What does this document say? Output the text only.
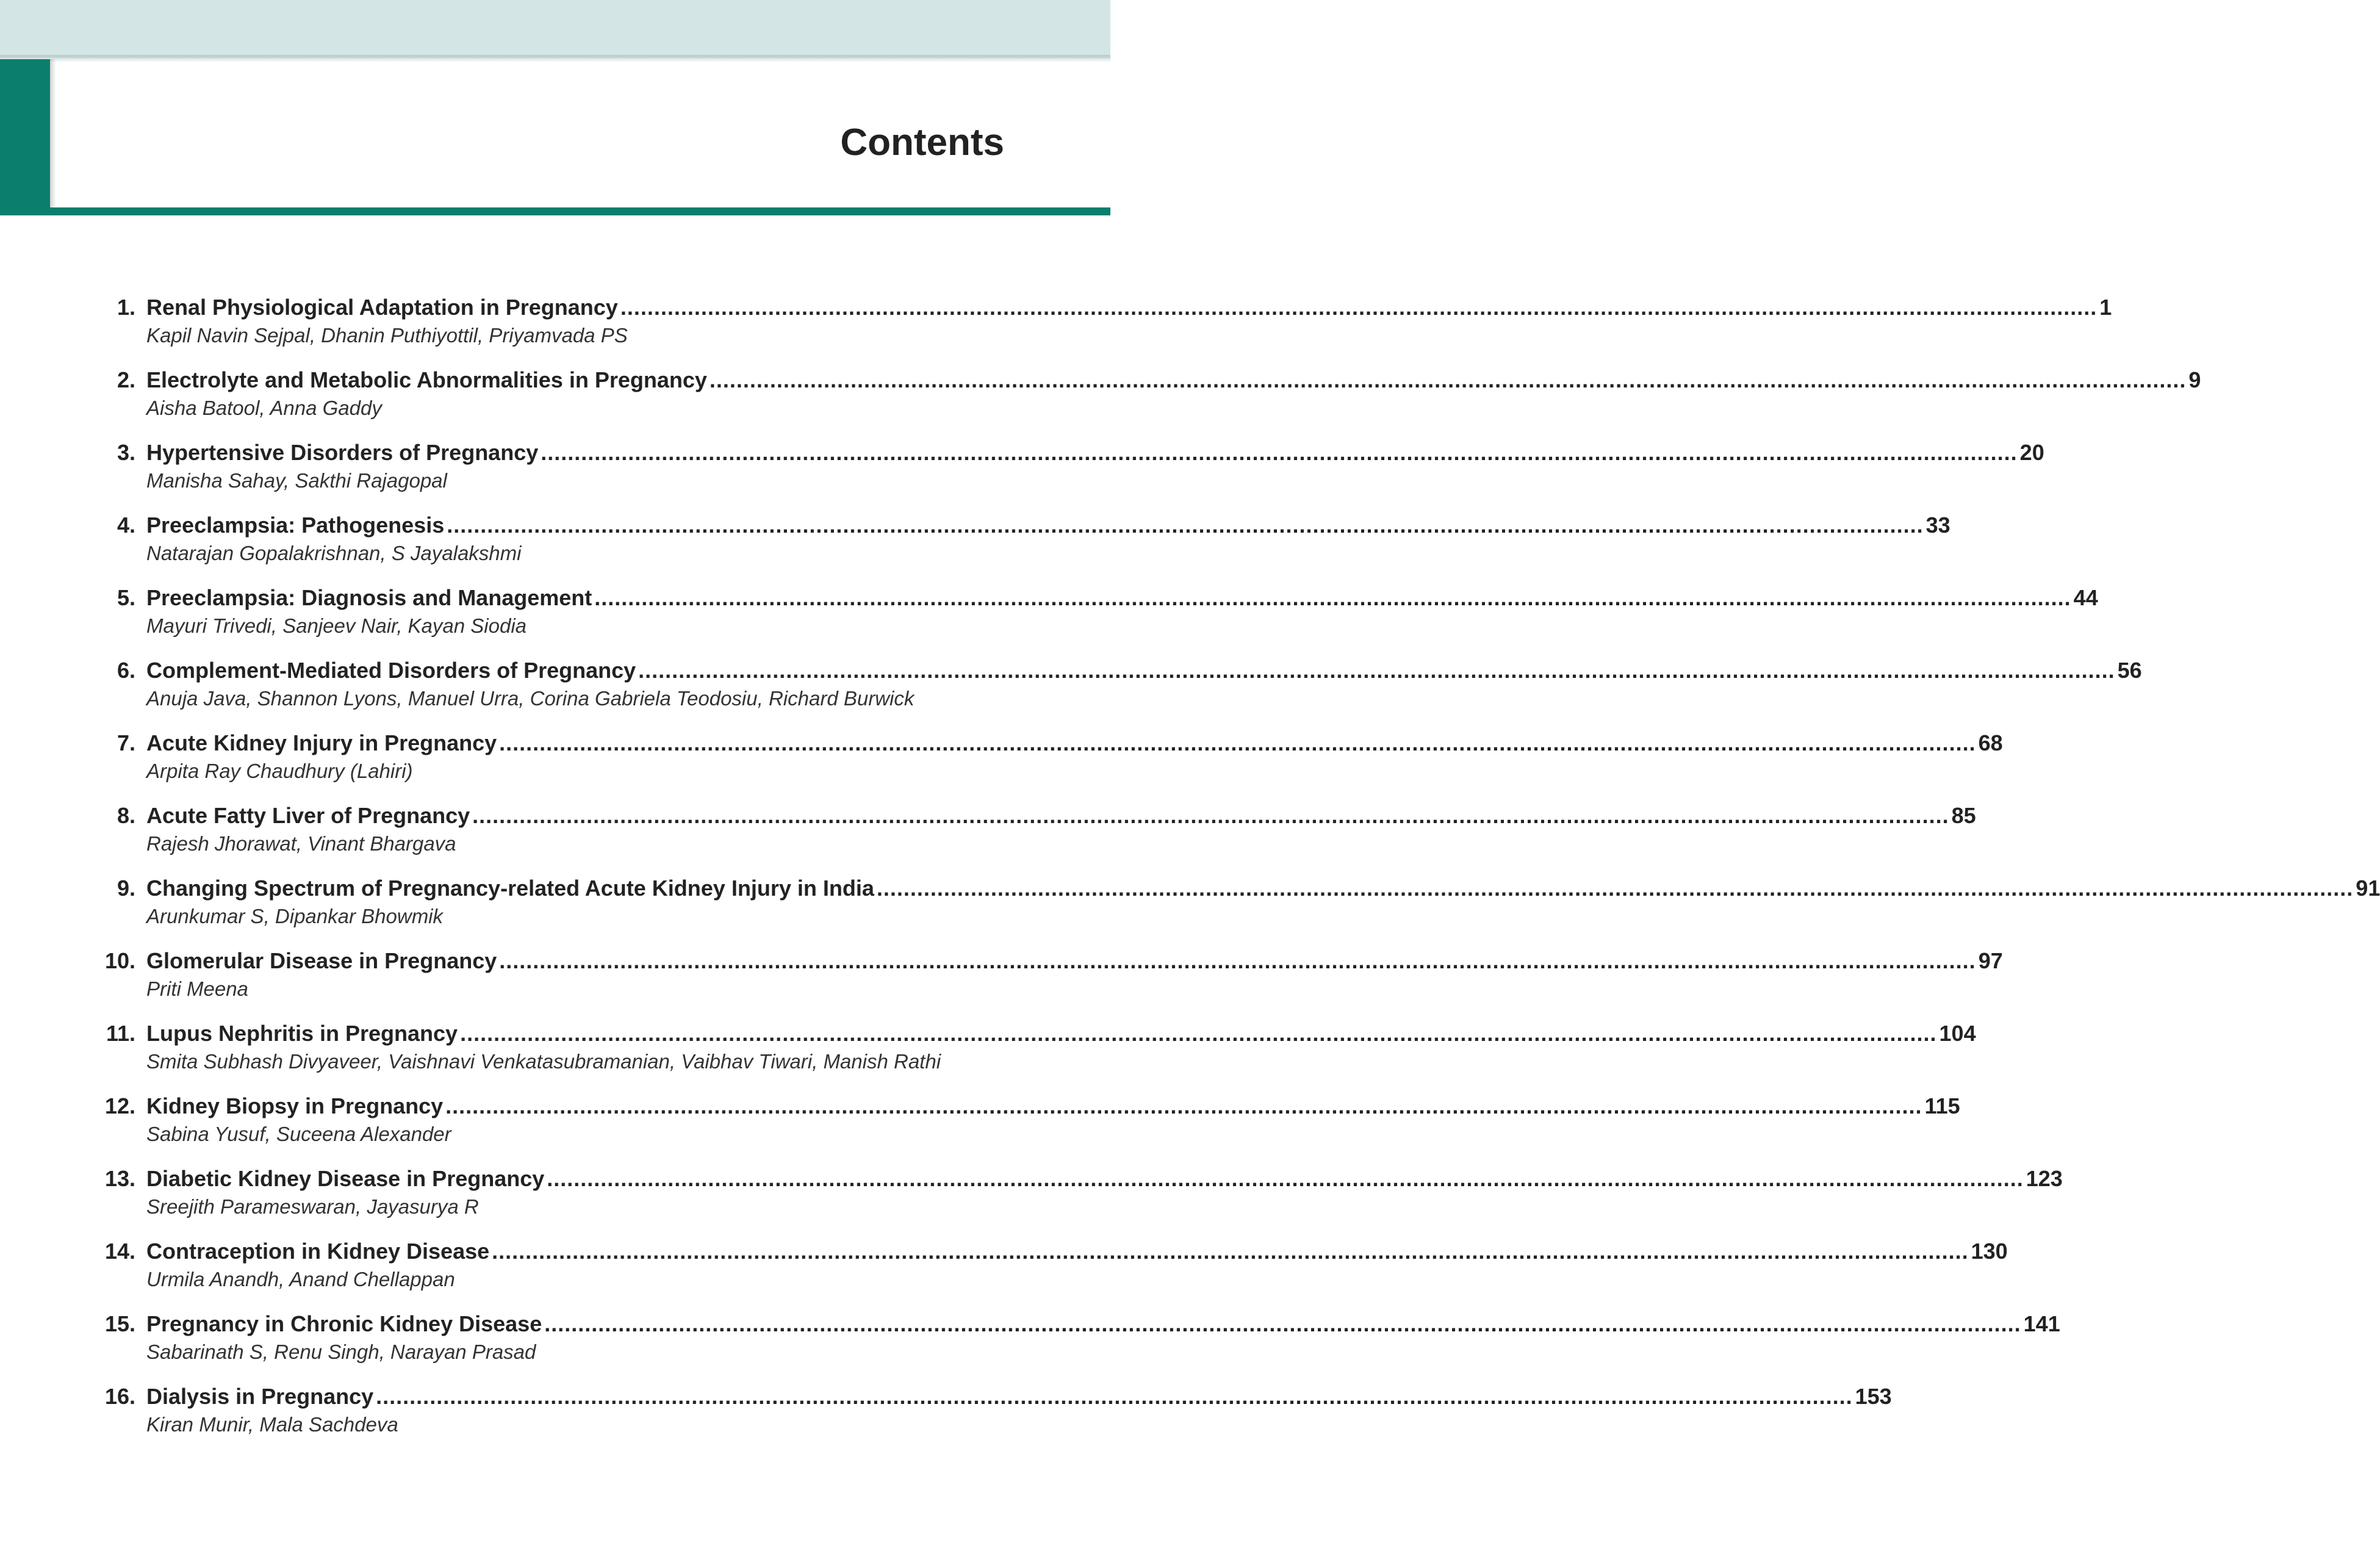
Contents
1. Renal Physiological Adaptation in Pregnancy ............................................................................................................................................................................................................................ 1
Kapil Navin Sejpal, Dhanin Puthiyottil, Priyamvada PS
2. Electrolyte and Metabolic Abnormalities in Pregnancy ............................................................................................................................................................................................................................ 9
Aisha Batool, Anna Gaddy
3. Hypertensive Disorders of Pregnancy ............................................................................................................................................................................................................................ 20
Manisha Sahay, Sakthi Rajagopal
4. Preeclampsia: Pathogenesis ............................................................................................................................................................................................................................ 33
Natarajan Gopalakrishnan, S Jayalakshmi
5. Preeclampsia: Diagnosis and Management ............................................................................................................................................................................................................................ 44
Mayuri Trivedi, Sanjeev Nair, Kayan Siodia
6. Complement-Mediated Disorders of Pregnancy ............................................................................................................................................................................................................................ 56
Anuja Java, Shannon Lyons, Manuel Urra, Corina Gabriela Teodosiu, Richard Burwick
7. Acute Kidney Injury in Pregnancy ............................................................................................................................................................................................................................ 68
Arpita Ray Chaudhury (Lahiri)
8. Acute Fatty Liver of Pregnancy ............................................................................................................................................................................................................................ 85
Rajesh Jhorawat, Vinant Bhargava
9. Changing Spectrum of Pregnancy-related Acute Kidney Injury in India ............................................................................................................................................................................................................................ 91
Arunkumar S, Dipankar Bhowmik
10. Glomerular Disease in Pregnancy ............................................................................................................................................................................................................................ 97
Priti Meena
11. Lupus Nephritis in Pregnancy ............................................................................................................................................................................................................................ 104
Smita Subhash Divyaveer, Vaishnavi Venkatasubramanian, Vaibhav Tiwari, Manish Rathi
12. Kidney Biopsy in Pregnancy ............................................................................................................................................................................................................................ 115
Sabina Yusuf, Suceena Alexander
13. Diabetic Kidney Disease in Pregnancy ............................................................................................................................................................................................................................ 123
Sreejith Parameswaran, Jayasurya R
14. Contraception in Kidney Disease ............................................................................................................................................................................................................................ 130
Urmila Anandh, Anand Chellappan
15. Pregnancy in Chronic Kidney Disease ............................................................................................................................................................................................................................ 141
Sabarinath S, Renu Singh, Narayan Prasad
16. Dialysis in Pregnancy ............................................................................................................................................................................................................................ 153
Kiran Munir, Mala Sachdeva
